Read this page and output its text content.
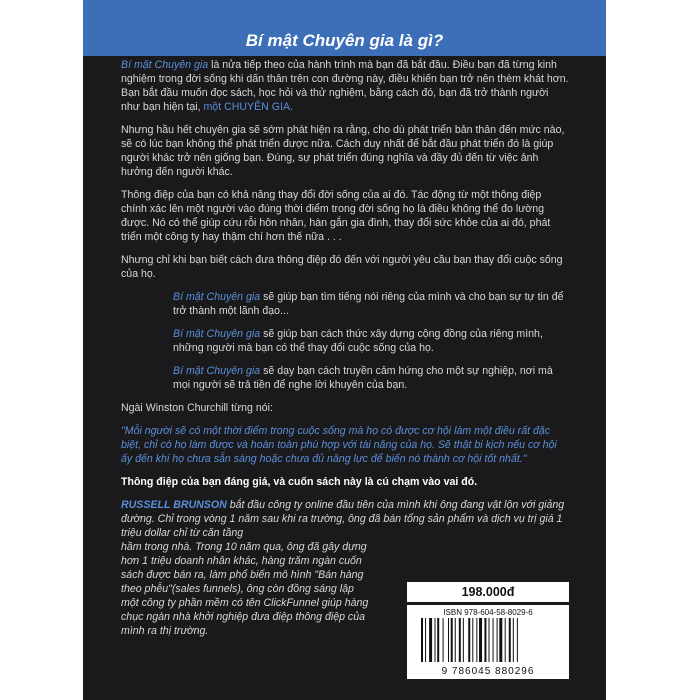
Bí mật Chuyên gia là gì?

Bí mật Chuyên gia là nửa tiếp theo của hành trình mà bạn đã bắt đầu. Điều bạn đã từng kinh nghiệm trong đời sống khi dấn thân trên con đường này, điều khiến bạn trở nên thèm khát hơn. Bạn bắt đầu muốn đọc sách, học hỏi và thử nghiệm, bằng cách đó, bạn đã trở thành người như bạn hiện tại, một CHUYÊN GIA.

Nhưng hầu hết chuyên gia sẽ sớm phát hiện ra rằng, cho dù phát triển bản thân đến mức nào, sẽ có lúc bạn không thể phát triển được nữa. Cách duy nhất để bắt đầu phát triển đó là giúp người khác trở nên giống bạn. Đúng, sự phát triển đúng nghĩa và đầy đủ đến từ việc ảnh hưởng đến người khác.

Thông điệp của bạn có khả năng thay đổi đời sống của ai đó. Tác động từ một thông điệp chính xác lên một người vào đúng thời điểm trong đời sống họ là điều không thể đo lường được. Nó có thể giúp cứu rỗi hôn nhân, hàn gắn gia đình, thay đổi sức khỏe của ai đó, phát triển một công ty hay thậm chí hơn thế nữa . . .

Nhưng chỉ khi bạn biết cách đưa thông điệp đó đến với người yêu cầu bạn thay đổi cuộc sống của họ.

Bí mật Chuyên gia sẽ giúp bạn tìm tiếng nói riêng của mình và cho bạn sự tự tin để trở thành một lãnh đạo...

Bí mật Chuyên gia sẽ giúp bạn cách thức xây dựng cộng đồng của riêng mình, những người mà bạn có thể thay đổi cuộc sống của họ.

Bí mật Chuyên gia sẽ dạy bạn cách truyền cảm hứng cho một sự nghiệp, nơi mà mọi người sẽ trả tiền để nghe lời khuyên của bạn.

Ngài Winston Churchill từng nói:

"Mỗi người sẽ có một thời điểm trong cuộc sống mà họ có được cơ hội làm một điều rất đặc biệt, chỉ có họ làm được và hoàn toàn phù hợp với tài năng của họ. Sẽ thật bi kịch nếu cơ hội ấy đến khi họ chưa sẵn sàng hoặc chưa đủ năng lực để biến nó thành cơ hội tốt nhất."

Thông điệp của bạn đáng giá, và cuốn sách này là cú chạm vào vai đó.

RUSSELL BRUNSON bắt đầu công ty online đầu tiên của mình khi ông đang vật lộn với giảng đường. Chỉ trong vòng 1 năm sau khi ra trường, ông đã bán tổng sản phẩm và dịch vụ trị giá 1 triệu dollar chỉ từ căn tầng

hầm trong nhà. Trong 10 năm qua, ông đã gây dựng hơn 1 triệu doanh nhân khác, hàng trăm ngàn cuốn sách được bán ra, làm phổ biến mô hình "Bán hàng theo phễu"(sales funnels), ông còn đồng sáng lập một công ty phần mềm có tên ClickFunnel giúp hàng chục ngàn nhà khởi nghiệp đưa điệp thông điệp của mình ra thị trường.

198.000đ
ISBN 978-604-58-8029-6
9 786045 880296
